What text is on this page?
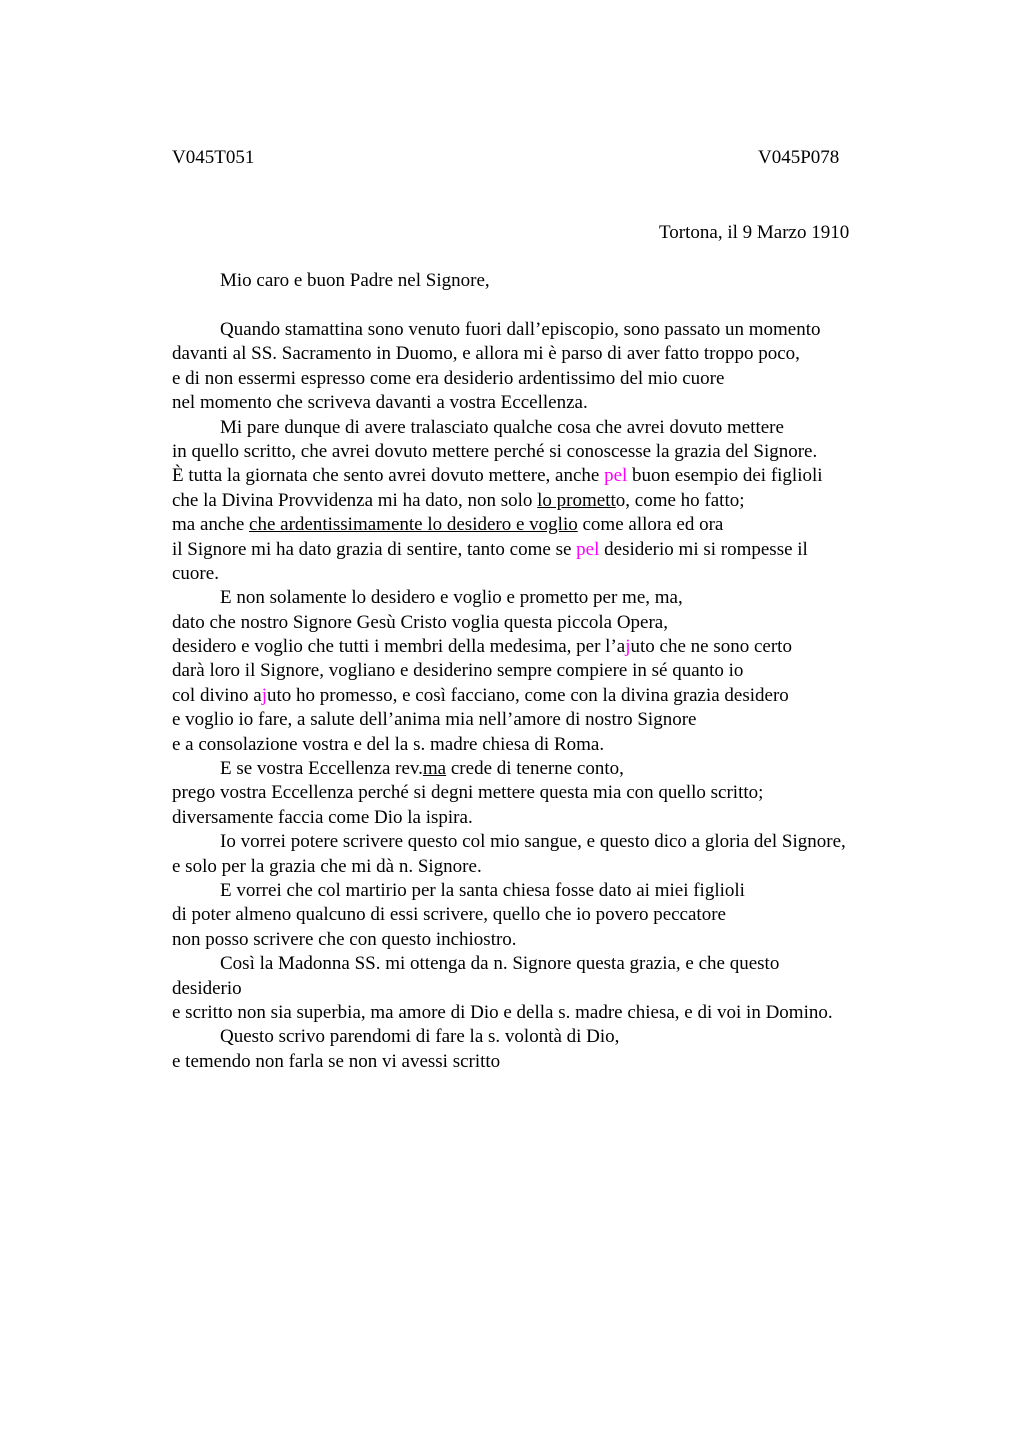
V045T051	V045P078
Tortona, il 9 Marzo 1910
Mio caro e buon Padre nel Signore,
Quando stamattina sono venuto fuori dall’episcopio, sono passato un momento
davanti al SS. Sacramento in Duomo, e allora mi è parso di aver fatto troppo poco,
e di non essermi espresso come era desiderio ardentissimo del mio cuore
nel momento che scriveva davanti a vostra Eccellenza.
Mi pare dunque di avere tralasciato qualche cosa che avrei dovuto mettere
in quello scritto, che avrei dovuto mettere perché si conoscesse la grazia del Signore.
È tutta la giornata che sento avrei dovuto mettere, anche pel buon esempio dei figlioli
che la Divina Provvidenza mi ha dato, non solo lo prometto, come ho fatto;
ma anche che ardentissimamente lo desidero e voglio come allora ed ora
il Signore mi ha dato grazia di sentire, tanto come se pel desiderio mi si rompesse il
cuore.
E non solamente lo desidero e voglio e prometto per me, ma,
dato che nostro Signore Gesù Cristo voglia questa piccola Opera,
desidero e voglio che tutti i membri della medesima, per l’ajuto che ne sono certo
darà loro il Signore, vogliano e desiderino sempre compiere in sé quanto io
col divino ajuto ho promesso, e così facciano, come con la divina grazia desidero
e voglio io fare, a salute dell’anima mia nell’amore di nostro Signore
e a consolazione vostra e del la s. madre chiesa di Roma.
E se vostra Eccellenza rev.ma crede di tenerne conto,
prego vostra Eccellenza perché si degni mettere questa mia con quello scritto;
diversamente faccia come Dio la ispira.
Io vorrei potere scrivere questo col mio sangue, e questo dico a gloria del Signore,
e solo per la grazia che mi dà n. Signore.
E vorrei che col martirio per la santa chiesa fosse dato ai miei figlioli
di poter almeno qualcuno di essi scrivere, quello che io povero peccatore
non posso scrivere che con questo inchiostro.
Così la Madonna SS. mi ottenga da n. Signore questa grazia, e che questo
desiderio
e scritto non sia superbia, ma amore di Dio e della s. madre chiesa, e di voi in Domino.
Questo scrivo parendomi di fare la s. volontà di Dio,
e temendo non farla se non vi avessi scritto
